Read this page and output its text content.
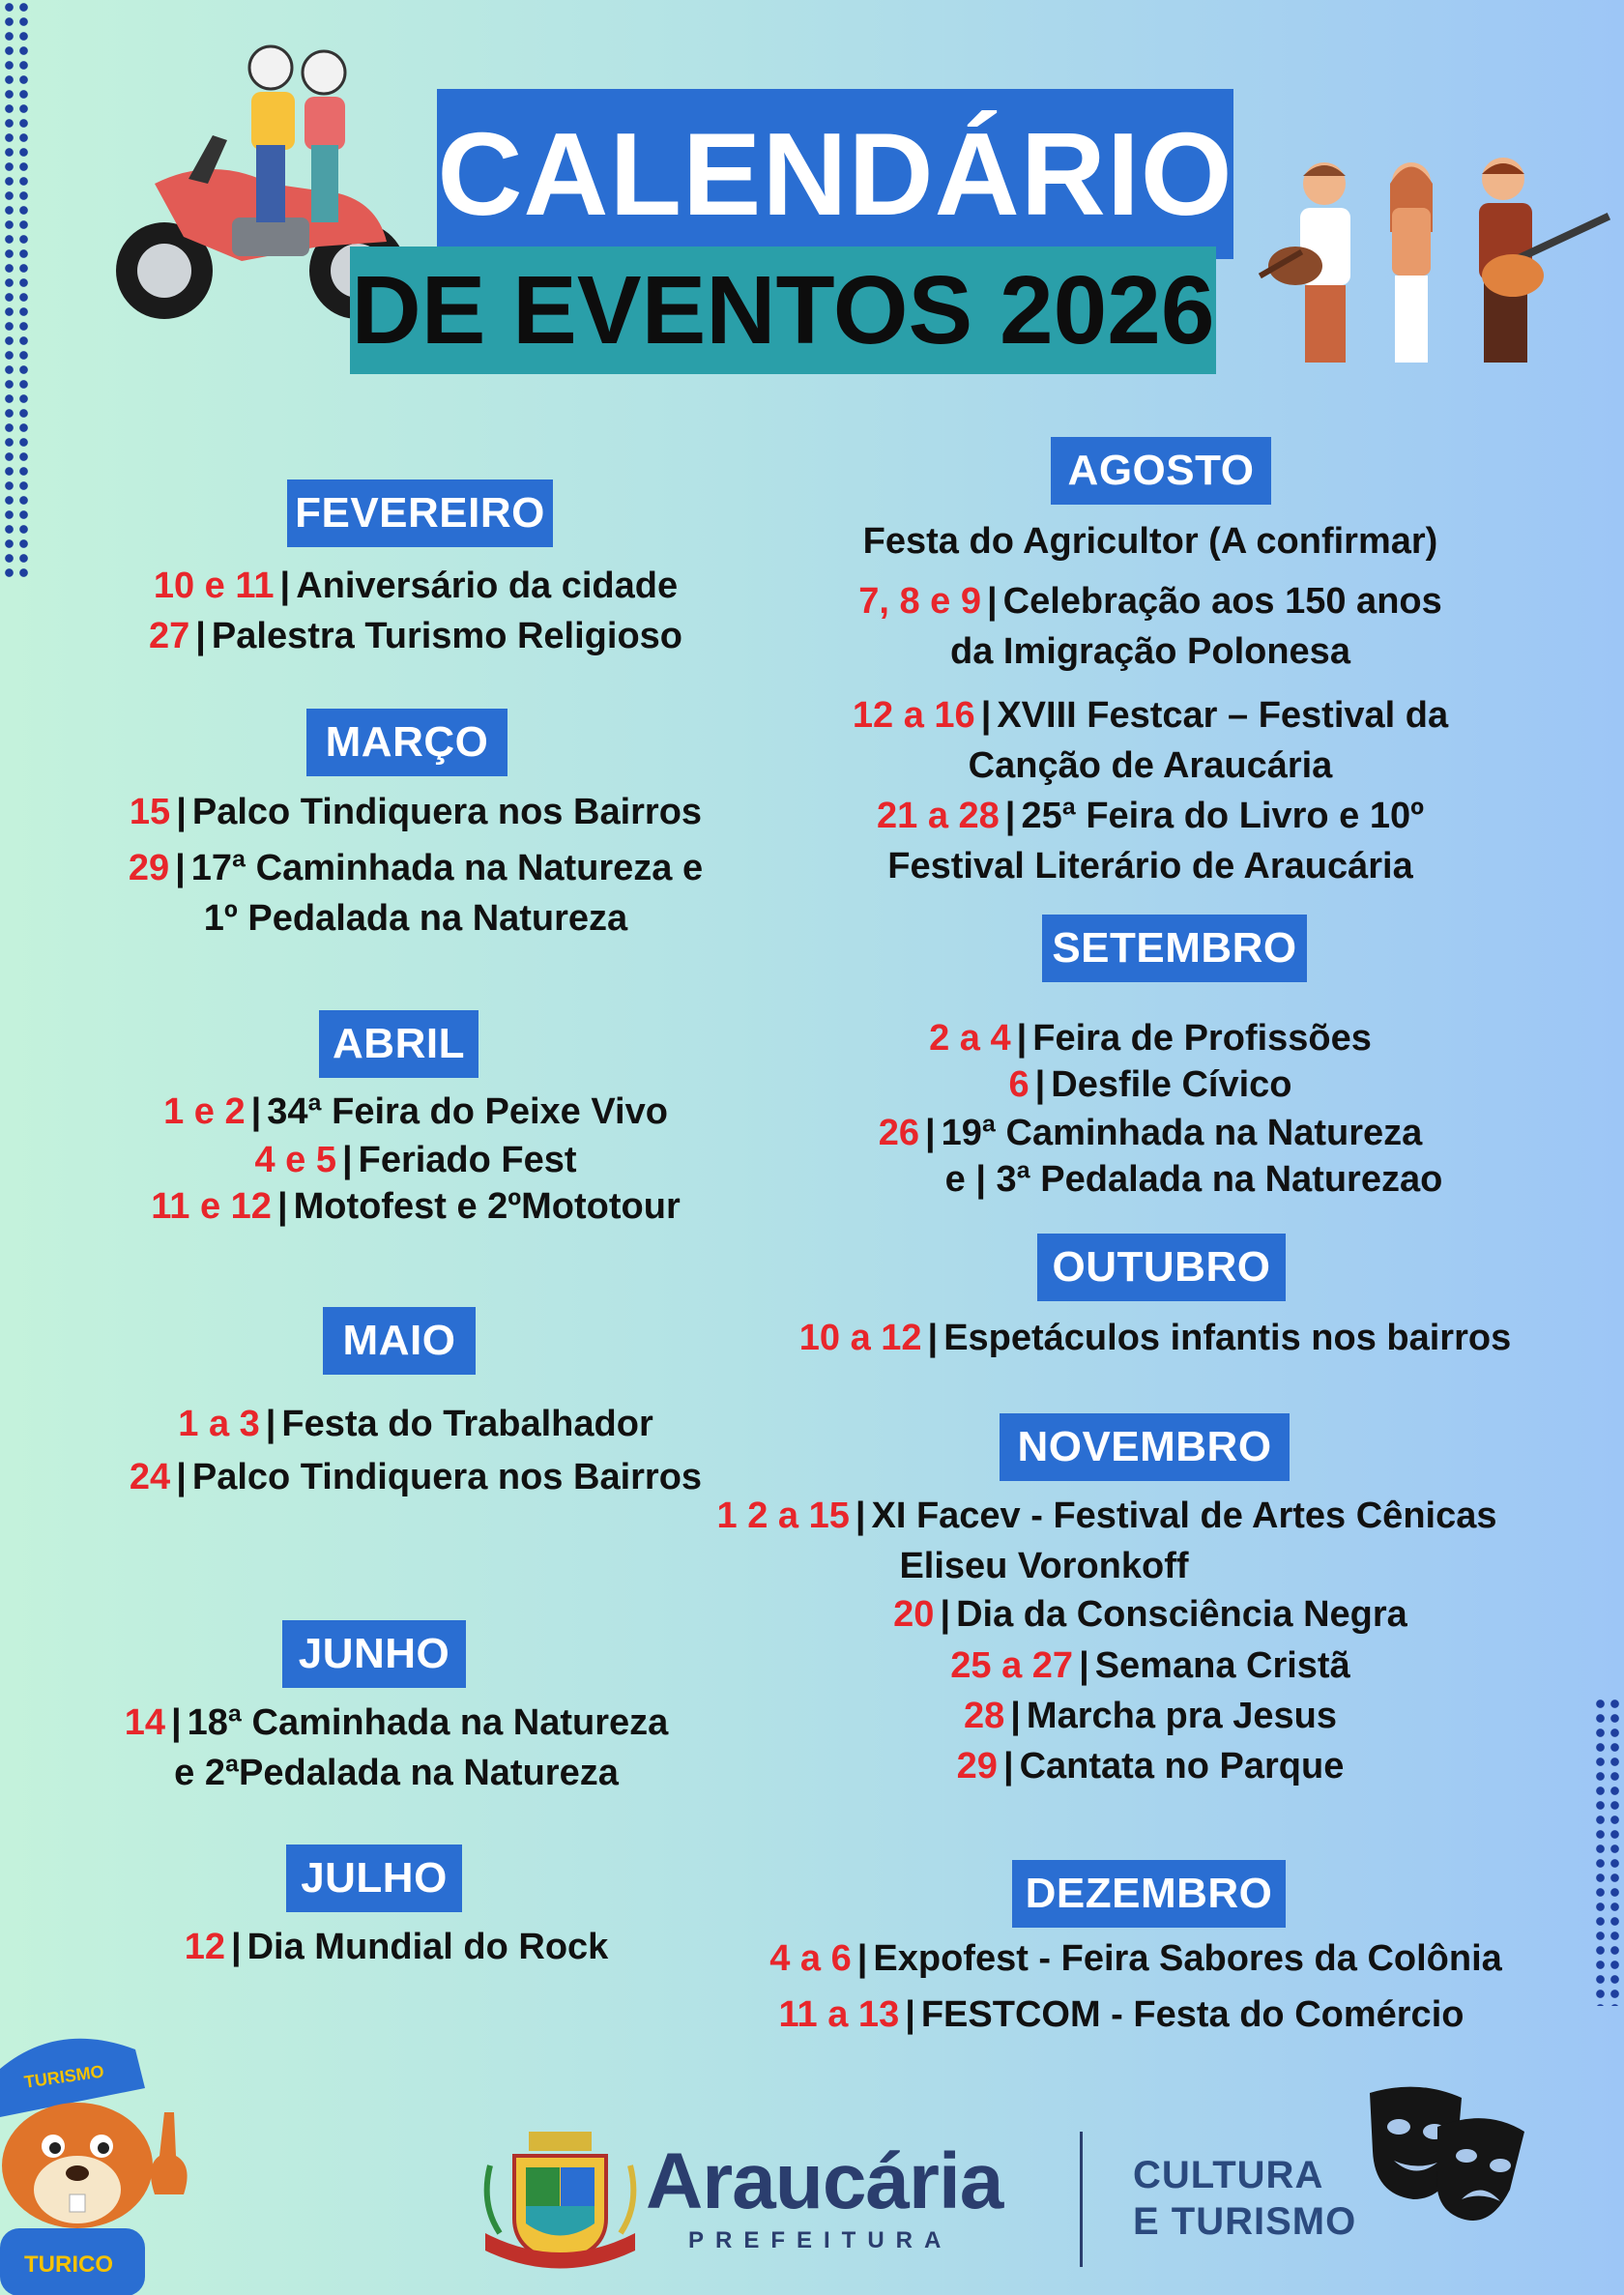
CALENDÁRIO
DE EVENTOS 2026
FEVEREIRO
10 e 11 | Aniversário da cidade
27 | Palestra Turismo Religioso
MARÇO
15 | Palco Tindiquera nos Bairros
29 | 17ª Caminhada na Natureza e
1º Pedalada na Natureza
ABRIL
1 e 2 | 34ª Feira do Peixe Vivo
4 e 5 | Feriado Fest
11 e 12 | Motofest e 2ºMototour
MAIO
1 a 3 | Festa do Trabalhador
24 | Palco Tindiquera nos Bairros
JUNHO
14 | 18ª Caminhada na Natureza
e 2ªPedalada na Natureza
JULHO
12 | Dia Mundial do Rock
AGOSTO
Festa do Agricultor (A confirmar)
7, 8 e 9 | Celebração aos 150 anos
da Imigração Polonesa
12 a 16 | XVIII Festcar – Festival da
Canção de Araucária
21 a 28 | 25ª Feira do Livro e 10º
Festival Literário de Araucária
SETEMBRO
2 a 4 | Feira de Profissões
6 | Desfile Cívico
26 | 19ª Caminhada na Natureza
e | 3ª Pedalada na Naturezao
OUTUBRO
10 a 12 | Espetáculos infantis nos bairros
NOVEMBRO
1 2 a 15 | XI Facev - Festival de Artes Cênicas
Eliseu Voronkoff
20 | Dia da Consciência Negra
25 a 27 | Semana Cristã
28 | Marcha pra Jesus
29 | Cantata no Parque
DEZEMBRO
4 a 6 | Expofest - Feira Sabores da Colônia
11 a 13 | FESTCOM - Festa do Comércio
TURISMO
TURICO
Araucária
PREFEITURA
CULTURA
E TURISMO
